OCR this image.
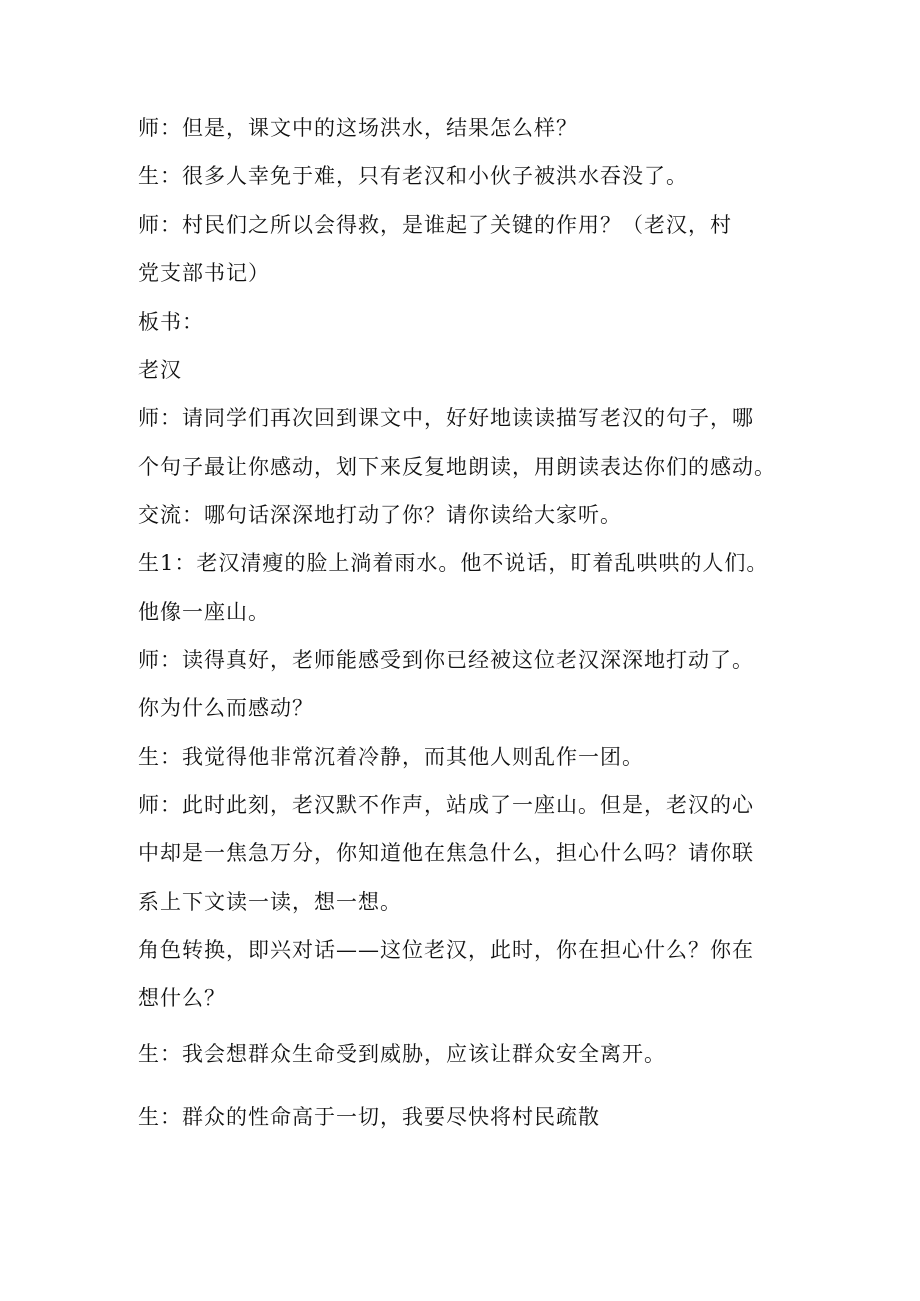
师：但是，课文中的这场洪水，结果怎么样？
生：很多人幸免于难，只有老汉和小伙子被洪水吞没了。
师：村民们之所以会得救，是谁起了关键的作用？（老汉，村
党支部书记）
板书：
老汉
师：请同学们再次回到课文中，好好地读读描写老汉的句子，哪
个句子最让你感动，划下来反复地朗读，用朗读表达你们的感动。
交流：哪句话深深地打动了你？请你读给大家听。
生1：老汉清瘦的脸上淌着雨水。他不说话，盯着乱哄哄的人们。
他像一座山。
师：读得真好，老师能感受到你已经被这位老汉深深地打动了。
你为什么而感动？
生：我觉得他非常沉着冷静，而其他人则乱作一团。
师：此时此刻，老汉默不作声，站成了一座山。但是，老汉的心
中却是一焦急万分，你知道他在焦急什么，担心什么吗？请你联
系上下文读一读，想一想。
角色转换，即兴对话——这位老汉，此时，你在担心什么？你在
想什么？
生：我会想群众生命受到威胁，应该让群众安全离开。
生：群众的性命高于一切，我要尽快将村民疏散
